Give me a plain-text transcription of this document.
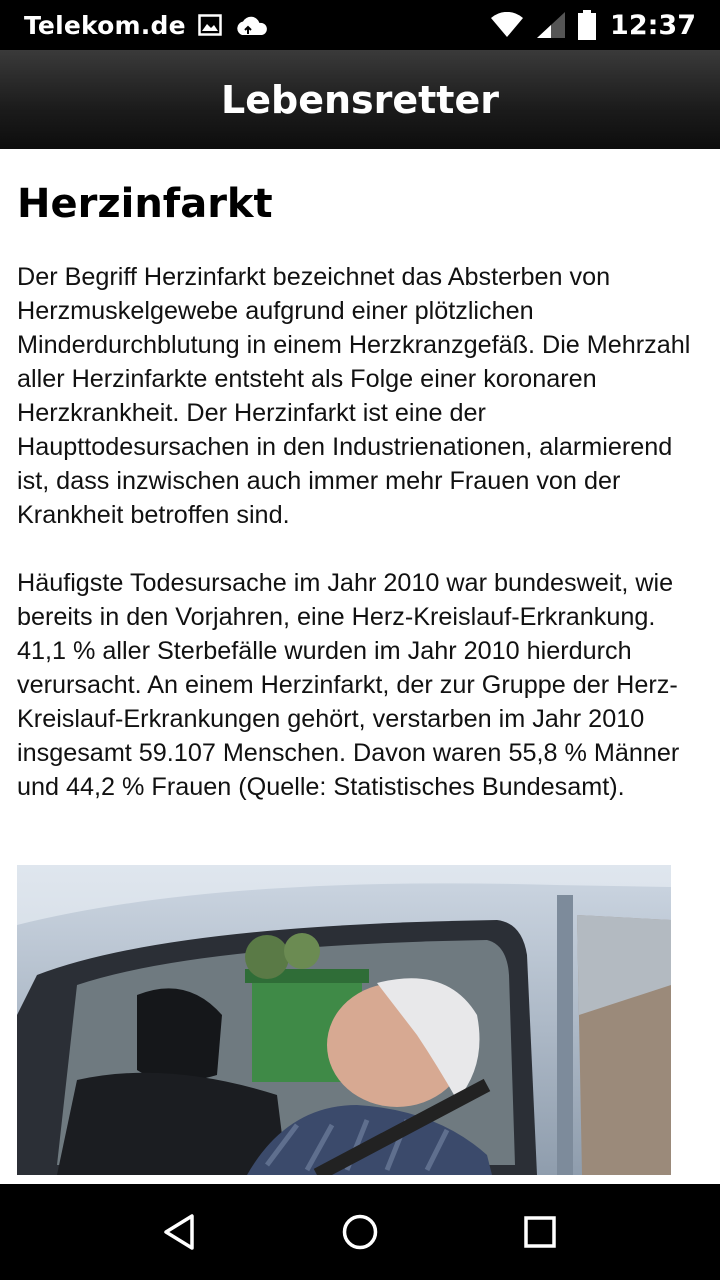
Telekom.de	12:37
Lebensretter
Herzinfarkt

Der Begriff Herzinfarkt bezeichnet das Absterben von Herzmuskelgewebe aufgrund einer plötzlichen Minderdurchblutung in einem Herzkranzgefäß. Die Mehrzahl aller Herzinfarkte entsteht als Folge einer koronaren Herzkrankheit. Der Herzinfarkt ist eine der Haupttodesursachen in den Industrienationen, alarmierend ist, dass inzwischen auch immer mehr Frauen von der Krankheit betroffen sind.

Häufigste Todesursache im Jahr 2010 war bundesweit, wie bereits in den Vorjahren, eine Herz-Kreislauf-Erkrankung. 41,1 % aller Sterbefälle wurden im Jahr 2010 hierdurch verursacht. An einem Herzinfarkt, der zur Gruppe der Herz-Kreislauf-Erkrankungen gehört, verstarben im Jahr 2010 insgesamt 59.107 Menschen. Davon waren 55,8 % Männer und 44,2 % Frauen (Quelle: Statistisches Bundesamt).
